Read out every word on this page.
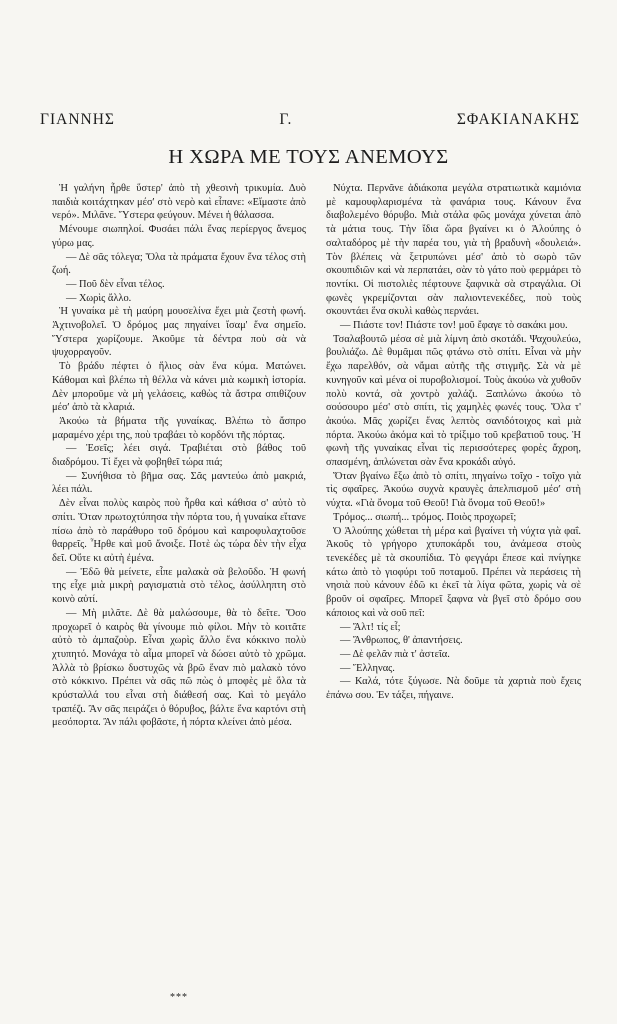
ΓΙΑΝΝΗΣ	Γ.	ΣΦΑΚΙΑΝΑΚΗΣ
Η ΧΩΡΑ ΜΕ ΤΟΥΣ ΑΝΕΜΟΥΣ

Ἡ γαλήνη ἦρθε ὕστερ' ἀπὸ τὴ χθεσινὴ τρικυμία. Δυὸ παιδιὰ κοιτάχτηκαν μέσ' στὸ νερὸ καὶ εἶπανε: «Εἴμαστε ἀπὸ νερό». Μιλᾶνε. Ὕστερα φεύγουν. Μένει ἡ θάλασσα.

Μένουμε σιωπηλοί. Φυσάει πάλι ἕνας περίεργος ἄνεμος γύρω μας.

— Δὲ σᾶς τόλεγα; Ὅλα τὰ πράματα ἔχουν ἕνα τέλος στὴ ζωή.

— Ποῦ δὲν εἶναι τέλος.

— Χωρὶς ἄλλο.

Ἡ γυναίκα μὲ τὴ μαύρη μουσελίνα ἔχει μιὰ ζεστὴ φωνή. Ἀχτινοβολεῖ. Ὁ δρόμος μας πηγαίνει ἴσαμ' ἕνα σημεῖο. Ὕστερα χωρίζουμε. Ἀκοῦμε τὰ δέντρα ποὺ σὰ νὰ ψυχορραγοῦν.

Τὸ βράδυ πέφτει ὁ ἥλιος σὰν ἕνα κύμα. Ματώνει. Κάθομαι καὶ βλέπω τὴ θέλλα νὰ κάνει μιὰ κωμικὴ ἱστορία. Δὲν μποροῦμε νὰ μὴ γελάσεις, καθὼς τὰ ἄστρα σπιθίζουν μέσ' ἀπὸ τὰ κλαριά.

Ἀκούω τὰ βήματα τῆς γυναίκας. Βλέπω τὸ ἄσπρο μαραμένο χέρι της, ποὺ τραβάει τὸ κορδόνι τῆς πόρτας.

— Ἐσεῖς; λέει σιγά. Τραβιέται στὸ βάθος τοῦ διαδρόμου. Τί ἔχει νὰ φοβηθεῖ τώρα πιά;

— Συνήθισα τὸ βῆμα σας. Σᾶς μαντεύω ἀπὸ μακριά, λέει πάλι.

Δὲν εἶναι πολὺς καιρὸς ποὺ ἦρθα καὶ κάθισα σ' αὐτὸ τὸ σπίτι. Ὅταν πρωτοχτύπησα τὴν πόρτα του, ἡ γυναίκα εἴτανε πίσω ἀπὸ τὸ παράθυρο τοῦ δρόμου καὶ καιροφυλαχτοῦσε θαρρεῖς. Ἦρθε καὶ μοῦ ἄνοιξε. Ποτὲ ὡς τώρα δὲν τὴν εἶχα δεῖ. Οὔτε κι αὐτὴ ἐμένα.

— Ἐδῶ θὰ μείνετε, εἶπε μαλακὰ σὰ βελοῦδο. Ἡ φωνή της εἶχε μιὰ μικρὴ ραγισματιὰ στὸ τέλος, ἀσύλληπτη στὸ κοινὸ αὐτί.

— Μὴ μιλᾶτε. Δὲ θὰ μαλώσουμε, θὰ τὸ δεῖτε. Ὅσο προχωρεῖ ὁ καιρὸς θὰ γίνουμε πιὸ φίλοι. Μὴν τὸ κοιτᾶτε αὐτὸ τὸ ἀμπαζοὺρ. Εἶναι χωρὶς ἄλλο ἕνα κόκκινο πολὺ χτυπητό. Μονάχα τὸ αἷμα μπορεῖ νὰ δώσει αὐτὸ τὸ χρῶμα. Ἀλλὰ τὸ βρίσκω δυστυχῶς νὰ βρῶ ἕναν πιὸ μαλακὸ τόνο στὸ κόκκινο. Πρέπει νὰ σᾶς πῶ πὼς ὁ μποφὲς μὲ ὅλα τὰ κρύσταλλά του εἶναι στὴ διάθεσή σας. Καὶ τὸ μεγάλο τραπέζι. Ἂν σᾶς πειράζει ὁ θόρυβος, βάλτε ἕνα καρτόνι στὴ μεσόπορτα. Ἂν πάλι φοβᾶστε, ἡ πόρτα κλείνει ἀπὸ μέσα.

***

Νύχτα. Περνᾶνε ἀδιάκοπα μεγάλα στρατιωτικὰ καμιόνια μὲ καμουφλαρισμένα τὰ φανάρια τους. Κάνουν ἕνα διαβολεμένο θόρυβο. Μιὰ στάλα φῶς μονάχα χύνεται ἀπὸ τὰ μάτια τους. Τὴν ἴδια ὥρα βγαίνει κι ὁ Ἀλούπης ὁ σαλταδόρος μὲ τὴν παρέα του, γιὰ τὴ βραδυνὴ «δουλειά». Τὸν βλέπεις νὰ ξετρυπώνει μέσ' ἀπὸ τὸ σωρὸ τῶν σκουπιδιῶν καὶ νὰ περπατάει, σὰν τὸ γάτο ποὺ φερμάρει τὸ ποντίκι. Οἱ πιστολιὲς πέφτουνε ξαφνικὰ σὰ στραγάλια. Οἱ φωνὲς γκρεμίζονται σὰν παλιοντενεκέδες, ποὺ τοὺς σκουντάει ἕνα σκυλὶ καθὼς περνάει.

— Πιάστε τον! Πιάστε τον! μοῦ ἔφαγε τὸ σακάκι μου.

Τσαλαβουτῶ μέσα σὲ μιὰ λίμνη ἀπὸ σκοτάδι. Ψαχουλεύω, βουλιάζω. Δὲ θυμᾶμαι πῶς φτάνω στὸ σπίτι. Εἶναι νὰ μὴν ἔχω παρελθόν, σὰ νἄμαι αὐτῆς τῆς στιγμῆς. Σὰ νὰ μὲ κυνηγοῦν καὶ μένα οἱ πυροβολισμοί. Τοὺς ἀκούω νὰ χυθοῦν πολὺ κοντά, σὰ χοντρὸ χαλάζι. Ξαπλώνω ἀκούω τὸ σούσουρο μέσ' στὸ σπίτι, τὶς χαμηλὲς φωνές τους. Ὅλα τ' ἀκούω. Μᾶς χωρίζει ἕνας λεπτὸς σανιδότοιχος καὶ μιὰ πόρτα. Ἀκούω ἀκόμα καὶ τὸ τρίξιμο τοῦ κρεβατιοῦ τους. Ἡ φωνὴ τῆς γυναίκας εἶναι τὶς περισσότερες φορὲς ἄχροη, σπασμένη, ἁπλώνεται σὰν ἕνα κροκάδι αὐγό.

Ὅταν βγαίνω ἔξω ἀπὸ τὸ σπίτι, πηγαίνω τοῖχο - τοῖχο γιὰ τὶς σφαῖρες. Ἀκούω συχνὰ κραυγὲς ἀπελπισμοῦ μέσ' στὴ νύχτα. «Γιὰ ὄνομα τοῦ Θεοῦ! Γιὰ ὄνομα τοῦ Θεοῦ!»

Τρόμος... σιωπή... τρόμος. Ποιὸς προχωρεῖ;

Ὁ Ἀλούπης χώθεται τὴ μέρα καὶ βγαίνει τὴ νύχτα γιὰ φαΐ. Ἀκοῦς τὸ γρήγορο χτυποκάρδι του, ἀνάμεσα στοὺς τενεκέδες μὲ τὰ σκουπίδια. Τὸ φεγγάρι ἔπεσε καὶ πνίγηκε κάτω ἀπὸ τὸ γιοφύρι τοῦ ποταμοῦ. Πρέπει νὰ περάσεις τὴ νησιὰ ποὺ κάνουν ἐδῶ κι ἐκεῖ τὰ λίγα φῶτα, χωρὶς νὰ σὲ βροῦν οἱ σφαῖρες. Μπορεῖ ξαφνα νὰ βγεῖ στὸ δρόμο σου κάποιος καὶ νὰ σοῦ πεῖ:

— Ἄλτ! τίς εἶ;

— Ἄνθρωπος, θ' ἀπαντήσεις.

— Δὲ φελᾶν πιὰ τ' ἀστεῖα.

— Ἕλληνας.

— Καλά, τότε ξύγωσε. Νὰ δοῦμε τὰ χαρτιὰ ποὺ ἔχεις ἐπάνω σου. Ἐν τάξει, πήγαινε.
